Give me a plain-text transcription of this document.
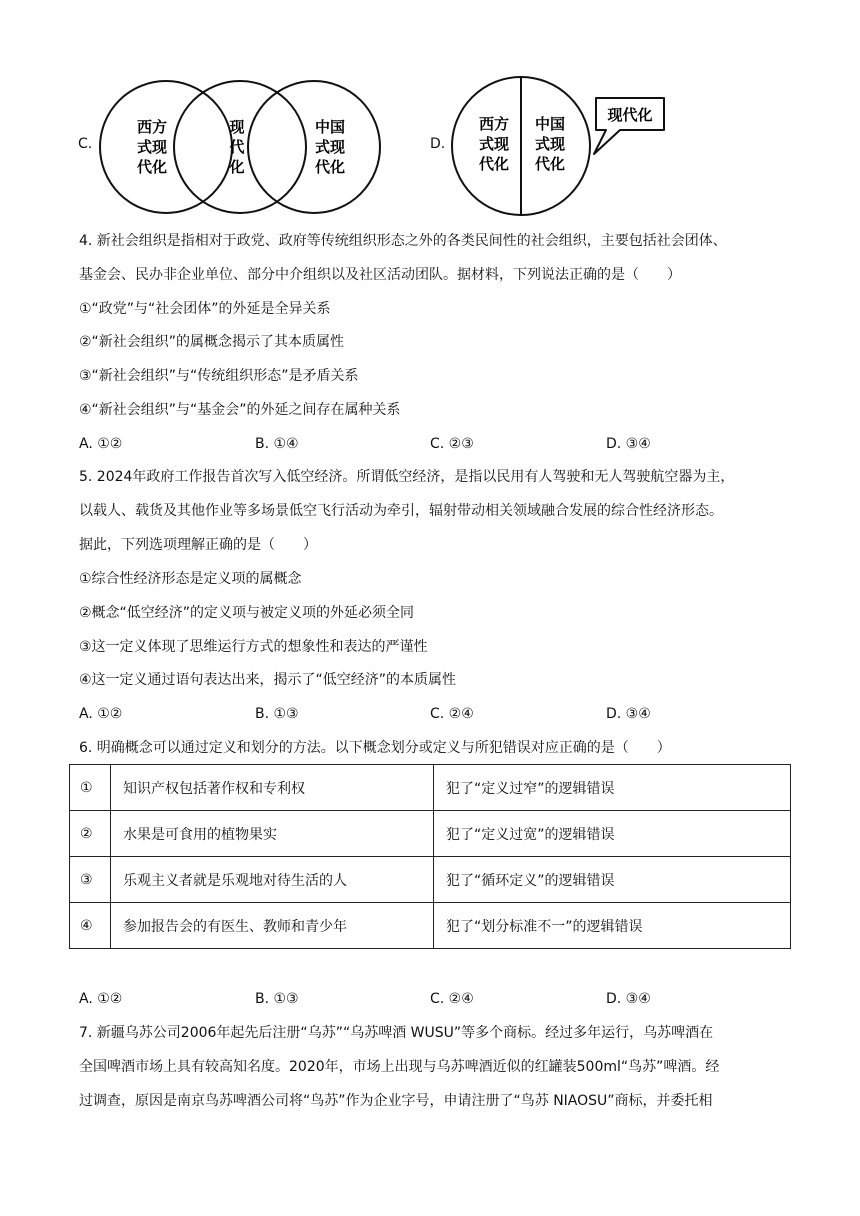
C.
西方
式现
代化
现
代
化
中国
式现
代化
D.
西方
式现
代化
中国
式现
代化
现代化
4. 新社会组织是指相对于政党、政府等传统组织形态之外的各类民间性的社会组织，主要包括社会团体、
基金会、民办非企业单位、部分中介组织以及社区活动团队。据材料，下列说法正确的是（　　）
①“政党”与“社会团体”的外延是全异关系
②“新社会组织”的属概念揭示了其本质属性
③“新社会组织”与“传统组织形态”是矛盾关系
④“新社会组织”与“基金会”的外延之间存在属种关系
A. ①②	B. ①④	C. ②③	D. ③④
5. 2024年政府工作报告首次写入低空经济。所谓低空经济，是指以民用有人驾驶和无人驾驶航空器为主，
以载人、载货及其他作业等多场景低空飞行活动为牵引，辐射带动相关领域融合发展的综合性经济形态。
据此，下列选项理解正确的是（　　）
①综合性经济形态是定义项的属概念
②概念“低空经济”的定义项与被定义项的外延必须全同
③这一定义体现了思维运行方式的想象性和表达的严谨性
④这一定义通过语句表达出来，揭示了“低空经济”的本质属性
A. ①②	B. ①③	C. ②④	D. ③④
6. 明确概念可以通过定义和划分的方法。以下概念划分或定义与所犯错误对应正确的是（　　）
①	知识产权包括著作权和专利权	犯了“定义过窄”的逻辑错误
②	水果是可食用的植物果实	犯了“定义过宽”的逻辑错误
③	乐观主义者就是乐观地对待生活的人	犯了“循环定义”的逻辑错误
④	参加报告会的有医生、教师和青少年	犯了“划分标准不一”的逻辑错误
A. ①②	B. ①③	C. ②④	D. ③④
7. 新疆乌苏公司2006年起先后注册“乌苏”“乌苏啤酒 WUSU”等多个商标。经过多年运行，乌苏啤酒在
全国啤酒市场上具有较高知名度。2020年，市场上出现与乌苏啤酒近似的红罐装500ml“鸟苏”啤酒。经
过调查，原因是南京鸟苏啤酒公司将“鸟苏”作为企业字号，申请注册了“鸟苏 NIAOSU”商标，并委托相
